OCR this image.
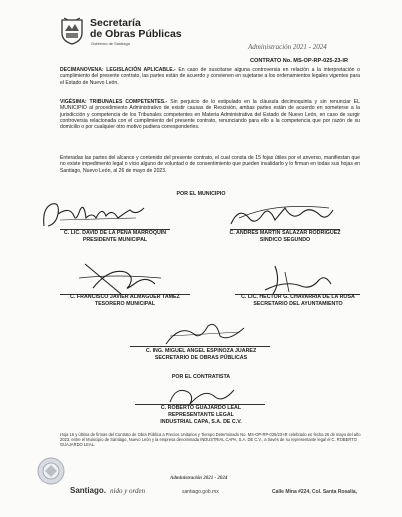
Secretaría
de Obras Públicas
Gobierno de Santiago	Administración 2021 - 2024
CONTRATO No. MS-OP-RP-025-23-IR
DECIMANOVENA: LEGISLACIÓN APLICABLE.- En caso de suscitarse alguna controversia en relación a la interpretación o cumplimiento del presente contrato, las partes están de acuerdo y convienen en sujetarse a los ordenamientos legales vigentes para el Estado de Nuevo León.
VIGÉSIMA: TRIBUNALES COMPETENTES.- Sin perjuicio de lo estipulado en la cláusula decimoquinta y sin renunciar EL MUNICIPIO al procedimiento Administrativo de existir causas de Rescisión, ambas partes están de acuerdo en someterse a la jurisdicción y competencia de los Tribunales competentes en Materia Administrativa del Estado de Nuevo León, en caso de surgir controversia relacionada con el cumplimiento del presente contrato, renunciando para ello a la competencia que por razón de su domicilio o por cualquier otro motivo pudiera corresponderles.
Enteradas las partes del alcance y contenido del presente contrato, el cual consta de 15 fojas útiles por el anverso, manifiestan que no existe impedimento legal o vicio alguno de voluntad o de consentimiento que pueden invalidarlo y lo firman en todas sus hojas en Santiago, Nuevo León, al 26 de mayo de 2023.
POR EL MUNICIPIO
C. LIC. DAVID DE LA PEÑA MARROQUIN
PRESIDENTE MUNICIPAL
C. ANDRÉS MARTIN SALAZAR RODRIGUEZ
SINDICO SEGUNDO
C. FRANCISCO JAVIER ALMAGUER TAMEZ
TESORERO MUNICIPAL
C. LIC. HECTOR G. CHAVARRIA DE LA ROSA
SECRETARIO DEL AYUNTAMIENTO
C. ING. MIGUEL ANGEL ESPINOZA JUAREZ
SECRETARIO DE OBRAS PÚBLICAS
POR EL CONTRATISTA
C. ROBERTO GUAJARDO LEAL
REPRESENTANTE LEGAL
INDUSTRIAL CAPA, S.A. DE C.V.
Hoja 15 y última de firmas del Contrato de Obra Pública a Precios Unitarios y Tiempo Determinado No. MS-OP-RP-025/23-IR celebrado en fecha 26 de mayo del año 2023, entre el Municipio de Santiago, Nuevo León y la empresa denominada INDUSTRIAL CAPA, S.A. DE C.V., a través de su representante legal el C. ROBERTO GUAJARDO LEAL.
Administración 2021 - 2024
Santiago. nido y orden	santiago.gob.mx	Calle Mina #224, Col. Santa Rosalía,
